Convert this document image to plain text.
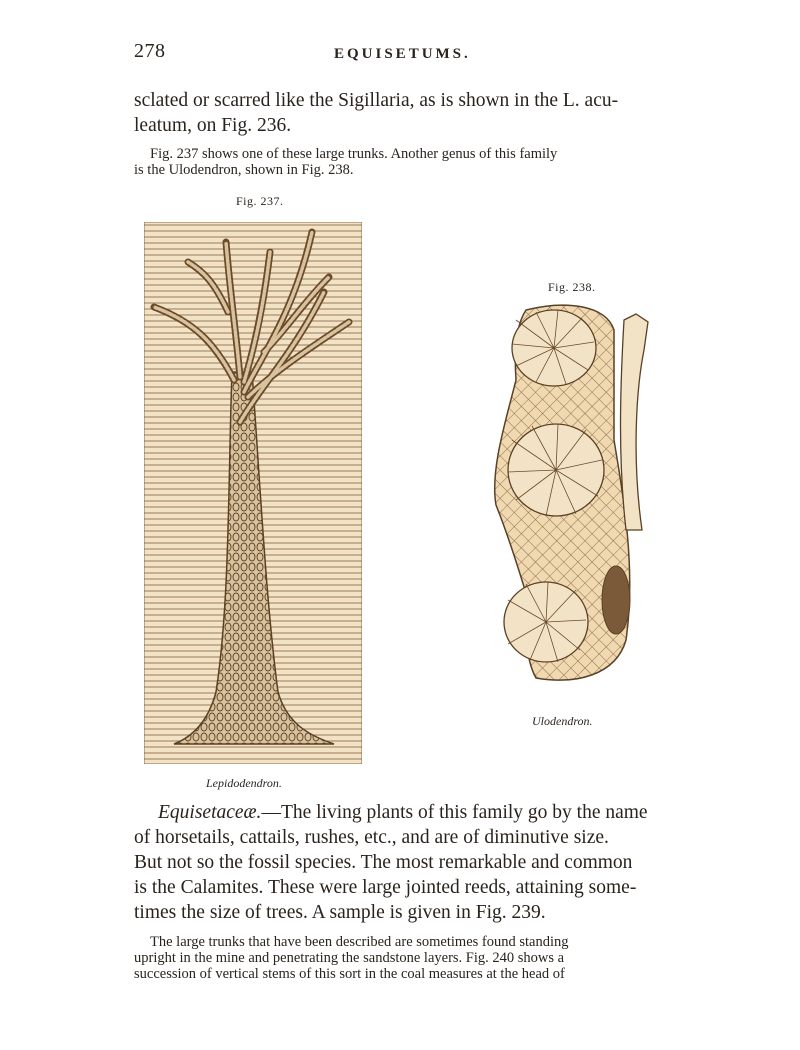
278	EQUISETUMS.

sclated or scarred like the Sigillaria, as is shown in the L. acu-

leatum, on Fig. 236.

Fig. 237 shows one of these large trunks. Another genus of this family

is the Ulodendron, shown in Fig. 238.

Fig. 237.
Lepidodendron.
Fig. 238.
Ulodendron.

Equisetaceæ.—The living plants of this family go by the name

of horsetails, cattails, rushes, etc., and are of diminutive size.

But not so the fossil species. The most remarkable and common

is the Calamites. These were large jointed reeds, attaining some-

times the size of trees. A sample is given in Fig. 239.

The large trunks that have been described are sometimes found standing

upright in the mine and penetrating the sandstone layers. Fig. 240 shows a

succession of vertical stems of this sort in the coal measures at the head of
